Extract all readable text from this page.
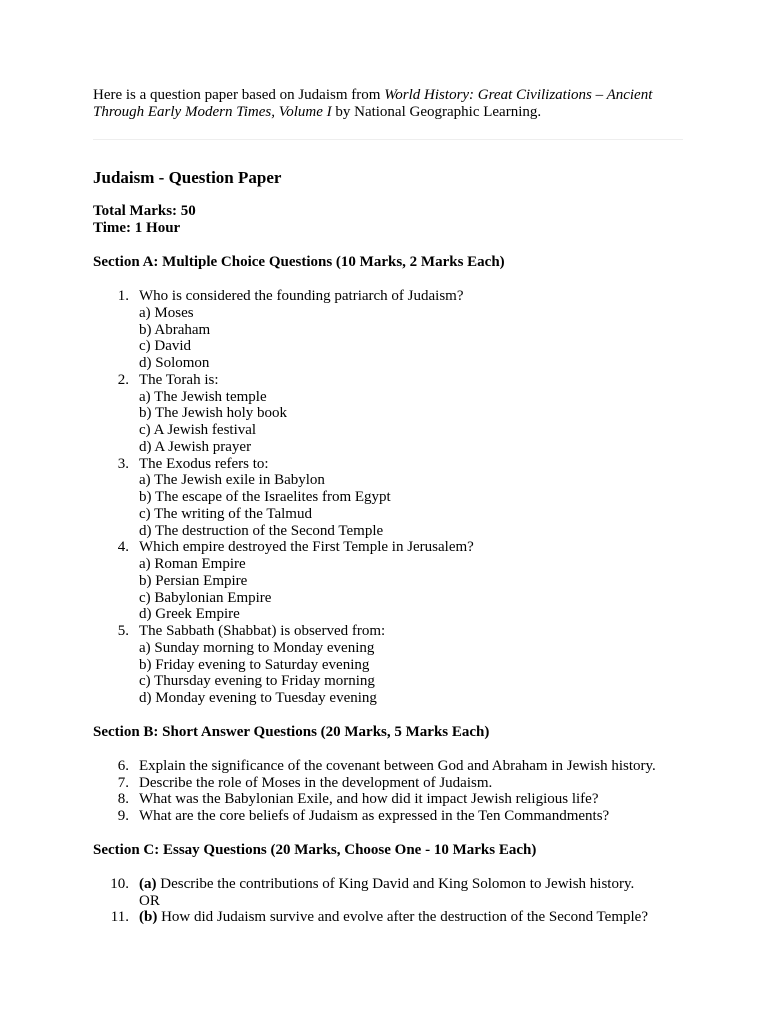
Here is a question paper based on Judaism from World History: Great Civilizations – Ancient Through Early Modern Times, Volume I by National Geographic Learning.

Judaism - Question Paper
Total Marks: 50
Time: 1 Hour
Section A: Multiple Choice Questions (10 Marks, 2 Marks Each)
1. Who is considered the founding patriarch of Judaism?
a) Moses
b) Abraham
c) David
d) Solomon
2. The Torah is:
a) The Jewish temple
b) The Jewish holy book
c) A Jewish festival
d) A Jewish prayer
3. The Exodus refers to:
a) The Jewish exile in Babylon
b) The escape of the Israelites from Egypt
c) The writing of the Talmud
d) The destruction of the Second Temple
4. Which empire destroyed the First Temple in Jerusalem?
a) Roman Empire
b) Persian Empire
c) Babylonian Empire
d) Greek Empire
5. The Sabbath (Shabbat) is observed from:
a) Sunday morning to Monday evening
b) Friday evening to Saturday evening
c) Thursday evening to Friday morning
d) Monday evening to Tuesday evening
Section B: Short Answer Questions (20 Marks, 5 Marks Each)
6. Explain the significance of the covenant between God and Abraham in Jewish history.
7. Describe the role of Moses in the development of Judaism.
8. What was the Babylonian Exile, and how did it impact Jewish religious life?
9. What are the core beliefs of Judaism as expressed in the Ten Commandments?
Section C: Essay Questions (20 Marks, Choose One - 10 Marks Each)
10. (a) Describe the contributions of King David and King Solomon to Jewish history.
OR
11. (b) How did Judaism survive and evolve after the destruction of the Second Temple?
